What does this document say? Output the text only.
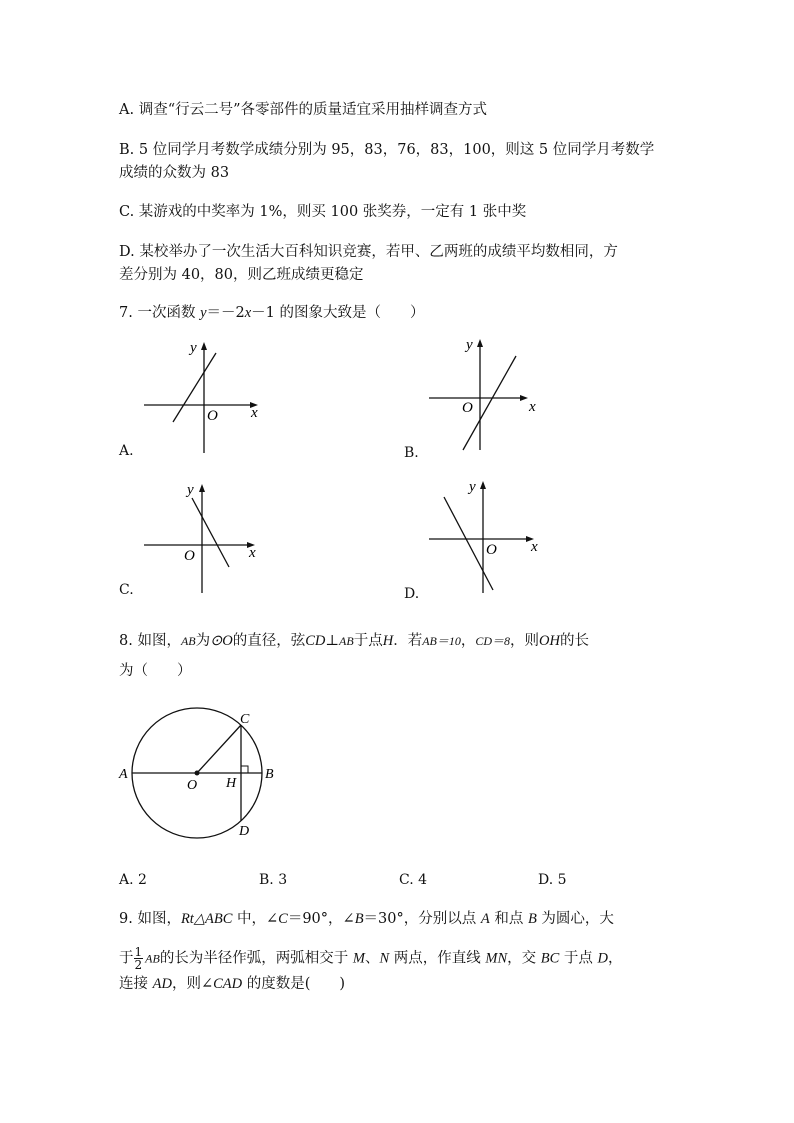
A. 调查“行云二号”各零部件的质量适宜采用抽样调查方式
B. 5 位同学月考数学成绩分别为 95，83，76，83，100，则这 5 位同学月考数学
成绩的众数为 83
C. 某游戏的中奖率为 1%，则买 100 张奖券，一定有 1 张中奖
D. 某校举办了一次生活大百科知识竞赛，若甲、乙两班的成绩平均数相同，方
差分别为 40，80，则乙班成绩更稳定
7. 一次函数 y＝－2x－1 的图象大致是（　　）
y
x
O
A.
y
x
O
B.
y
x
O
C.
y
x
O
D.
8. 如图，AB为⊙O的直径，弦CD⊥AB于点H．若AB＝10，CD＝8，则OH的长
为（　　）
A	B
C
D
O H
A. 2	B. 3	C. 4	D. 5
9. 如图，Rt△ABC 中，∠C＝90°，∠B＝30°，分别以点 A 和点 B 为圆心，大
于 $\frac{1}{2}$ AB的长为半径作弧，两弧相交于 M、N 两点，作直线 MN，交 BC 于点 D，
连接 AD，则∠CAD 的度数是(　　)
